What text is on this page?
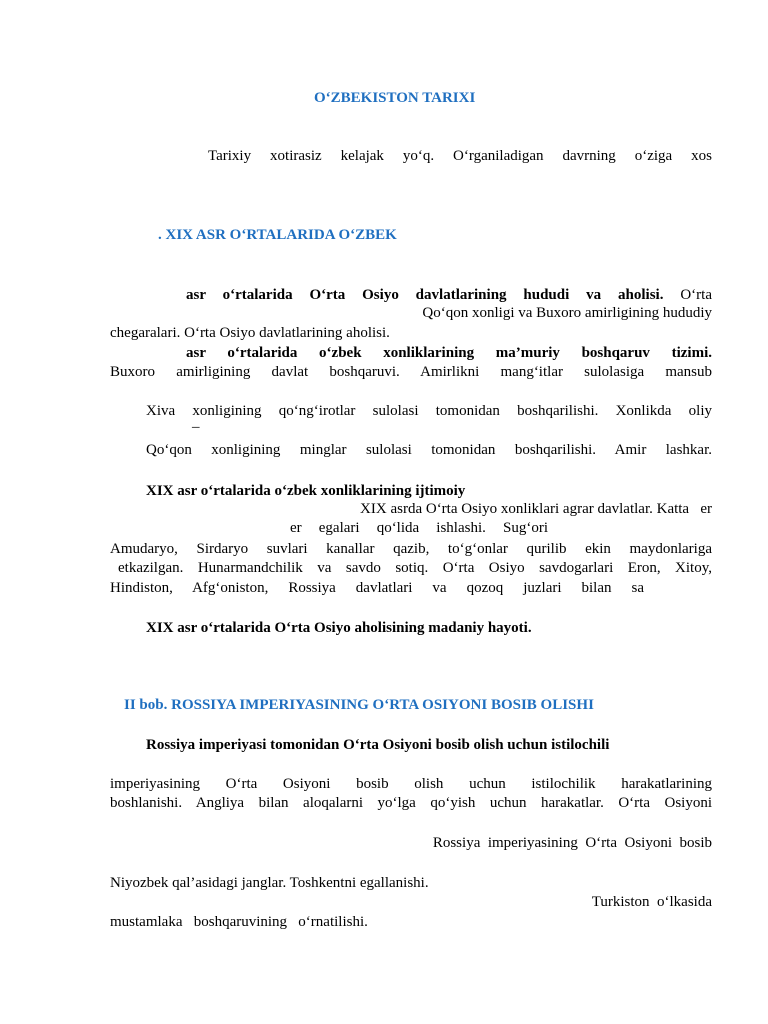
O‘ZBEKISTON TARIXI
Tarixiy xotirasiz kelajak yo‘q. O‘rganiladigan davrning o‘ziga xos
. XIX ASR O‘RTALARIDA O‘ZBEK
asr o‘rtalarida O‘rta Osiyo davlatlarining hududi va aholisi. O‘rta
Qo‘qon xonligi va Buxoro amirligining hududiy
chegaralari. O‘rta Osiyo davlatlarining aholisi.
asr o‘rtalarida o‘zbek xonliklarining ma’muriy boshqaruv tizimi.
Buxoro amirligining davlat boshqaruvi. Amirlikni mang‘itlar sulolasiga mansub
Xiva xonligining qo‘ng‘irotlar sulolasi tomonidan boshqarilishi. Xonlikda oliy
–
Qo‘qon xonligining minglar sulolasi tomonidan boshqarilishi. Amir lashkar.
XIX asr o‘rtalarida o‘zbek xonliklarining ijtimoiy
XIX asrda O‘rta Osiyo xonliklari agrar davlatlar. Katta   er
er egalari qo‘lida ishlashi. Sug‘ori
Amudaryo, Sirdaryo suvlari kanallar qazib, to‘g‘onlar qurilib ekin maydonlariga
etkazilgan. Hunarmandchilik va savdo sotiq. O‘rta Osiyo savdogarlari Eron, Xitoy,
Hindiston, Afg‘oniston, Rossiya davlatlari va qozoq juzlari bilan sa
XIX asr o‘rtalarida O‘rta Osiyo aholisining madaniy hayoti.
II bob. ROSSIYA IMPERIYASINING O‘RTA OSIYONI BOSIB OLISHI
Rossiya imperiyasi tomonidan O‘rta Osiyoni bosib olish uchun istilochili
imperiyasining O‘rta Osiyoni bosib olish uchun istilochilik harakatlarining
boshlanishi. Angliya bilan aloqalarni yo‘lga qo‘yish uchun harakatlar. O‘rta Osiyoni
Rossiya  imperiyasining  O‘rta  Osiyoni  bosib
Niyozbek qal’asidagi janglar. Toshkentni egallanishi.
Turkiston  o‘lkasida
mustamlaka   boshqaruvining   o‘rnatilishi.
